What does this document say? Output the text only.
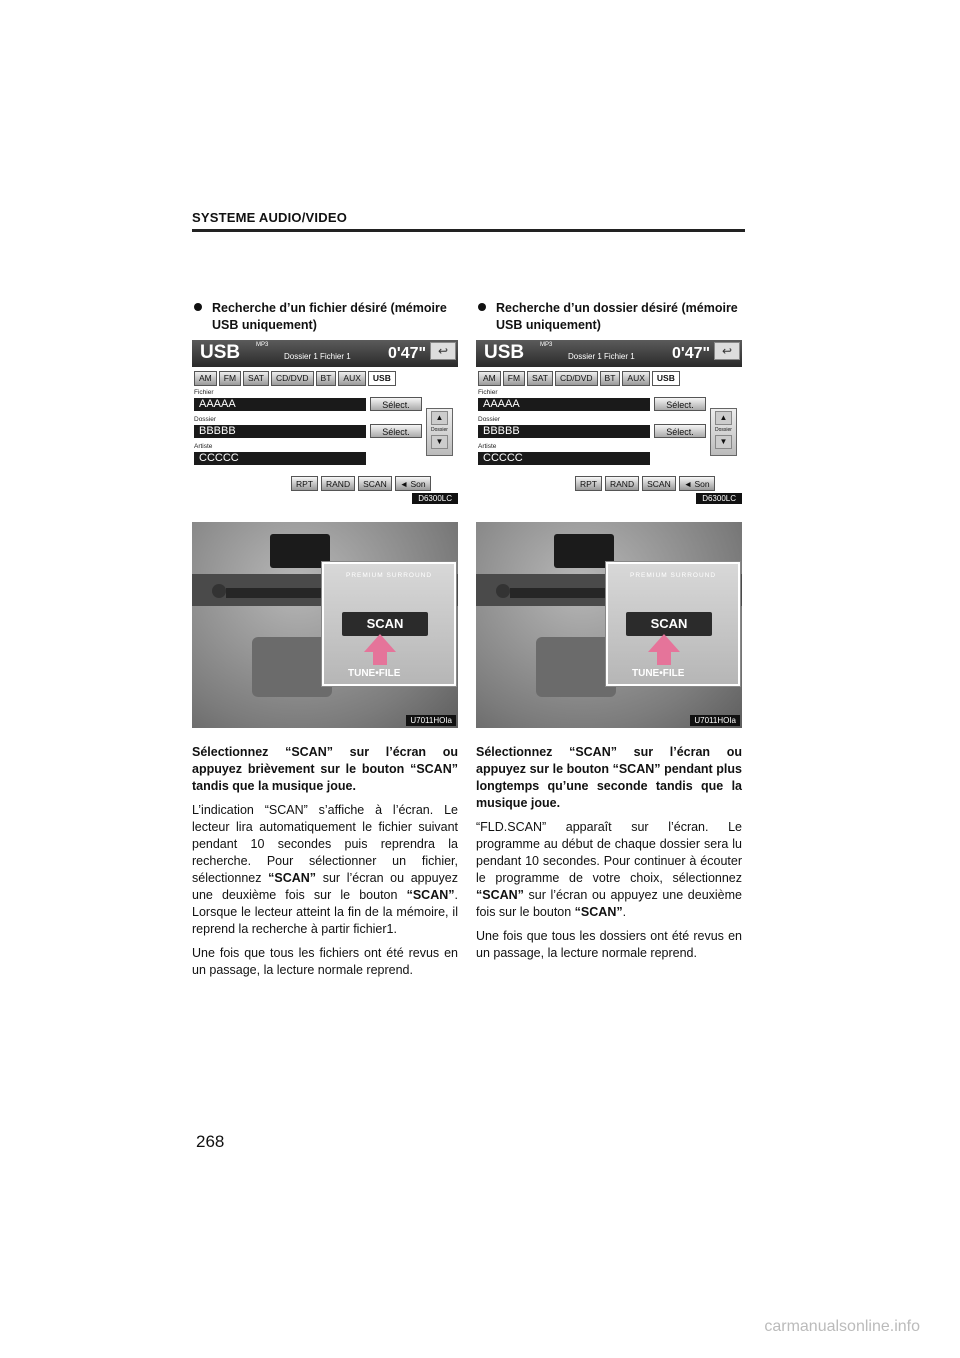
SYSTEME AUDIO/VIDEO
Recherche d’un fichier désiré (mémoire USB uniquement)
USB	MP3
Dossier 1 Fichier 1 0'47" ↩
AM	FM	SAT	CD/DVD	BT	AUX	USB
Fichier
AAAAA	Sélect.
Dossier
BBBBB	Sélect.
▲
Dossier
▼
Artiste
CCCCC
RPT	RAND	SCAN	◄ Son
D6300LC
PREMIUM SURROUND
SCAN
TUNE•FILE
U7011HOIa
Sélectionnez “SCAN” sur l’écran ou appuyez brièvement sur le bouton “SCAN” tandis que la musique joue.
L’indication “SCAN” s’affiche à l’écran. Le lecteur lira automatiquement le fichier suivant pendant 10 secondes puis reprendra la recherche. Pour sélectionner un fichier, sélectionnez “SCAN” sur l’écran ou appuyez une deuxième fois sur le bouton “SCAN”. Lorsque le lecteur atteint la fin de la mémoire, il reprend la recherche à partir fichier1.
Une fois que tous les fichiers ont été revus en un passage, la lecture normale reprend.
Recherche d’un dossier désiré (mémoire USB uniquement)
USB	MP3
Dossier 1 Fichier 1 0'47" ↩
AM	FM	SAT	CD/DVD	BT	AUX	USB
Fichier
AAAAA	Sélect.
Dossier
BBBBB	Sélect.
▲
Dossier
▼
Artiste
CCCCC
RPT	RAND	SCAN	◄ Son
D6300LC
PREMIUM SURROUND
SCAN
TUNE•FILE
U7011HOIa
Sélectionnez “SCAN” sur l’écran ou appuyez sur le bouton “SCAN” pendant plus longtemps qu’une seconde tandis que la musique joue.
“FLD.SCAN” apparaît sur l’écran. Le programme au début de chaque dossier sera lu pendant 10 secondes. Pour continuer à écouter le programme de votre choix, sélectionnez “SCAN” sur l’écran ou appuyez une deuxième fois sur le bouton “SCAN”.
Une fois que tous les dossiers ont été revus en un passage, la lecture normale reprend.
268
carmanualsonline.info
